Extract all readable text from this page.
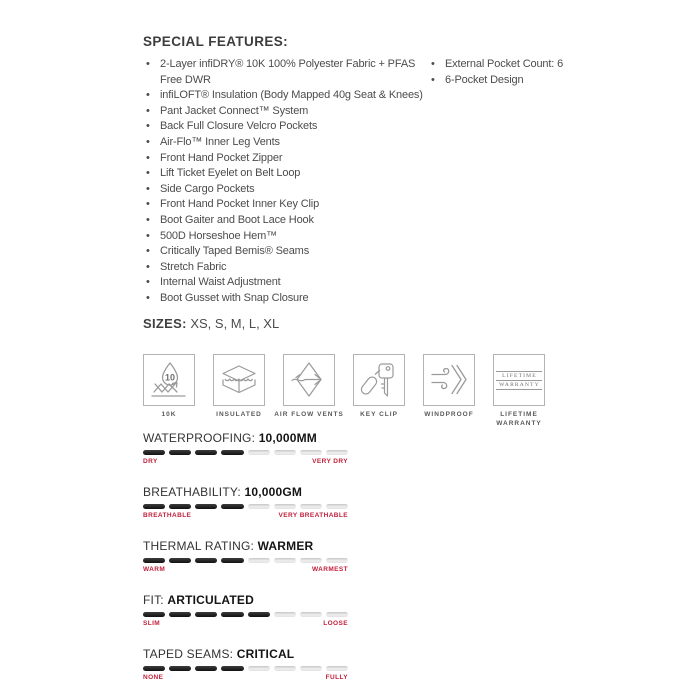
SPECIAL FEATURES:
• 2-Layer infiDRY® 10K 100% Polyester Fabric + PFAS Free DWR
• infiLOFT® Insulation (Body Mapped 40g Seat & Knees)
• Pant Jacket Connect™ System
• Back Full Closure Velcro Pockets
• Air-Flo™ Inner Leg Vents
• Front Hand Pocket Zipper
• Lift Ticket Eyelet on Belt Loop
• Side Cargo Pockets
• Front Hand Pocket Inner Key Clip
• Boot Gaiter and Boot Lace Hook
• 500D Horseshoe Hem™
• Critically Taped Bemis® Seams
• Stretch Fabric
• Internal Waist Adjustment
• Boot Gusset with Snap Closure
• External Pocket Count: 6
• 6-Pocket Design
SIZES: XS, S, M, L, XL
10
10K	INSULATED	AIR FLOW VENTS	KEY CLIP	WINDPROOF
LIFETIME
WARRANTY
LIFETIME WARRANTY
WATERPROOFING: 10,000MM
DRY	VERY DRY
BREATHABILITY: 10,000GM
BREATHABLE	VERY BREATHABLE
THERMAL RATING: WARMER
WARM	WARMEST
FIT: ARTICULATED
SLIM	LOOSE
TAPED SEAMS: CRITICAL
NONE	FULLY
